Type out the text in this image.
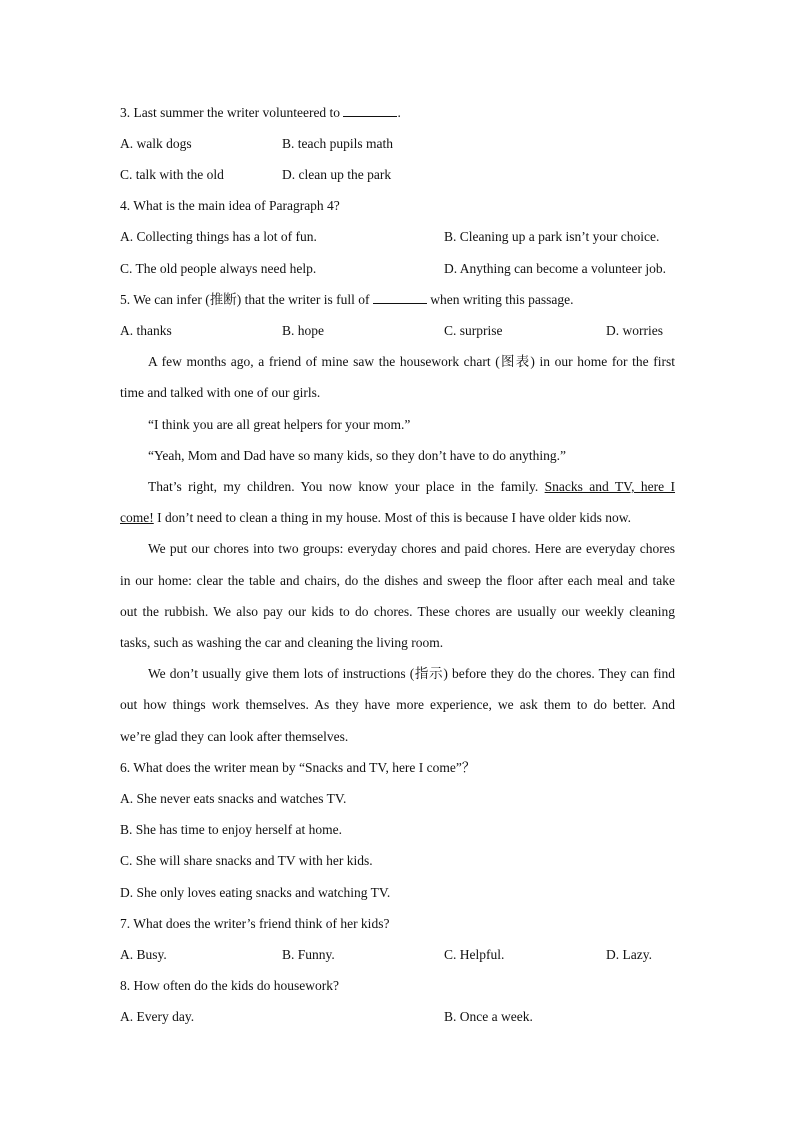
3. Last summer the writer volunteered to	.
A. walk dogs	B. teach pupils math
C. talk with the old	D. clean up the park
4. What is the main idea of Paragraph 4?
A. Collecting things has a lot of fun.	B. Cleaning up a park isn’t your choice.
C. The old people always need help.	D. Anything can become a volunteer job.
5. We can infer (推断) that the writer is full of	when writing this passage.
A. thanks	B. hope	C. surprise	D. worries
A few months ago, a friend of mine saw the housework chart (图表) in our home for the first
time and talked with one of our girls.
“I think you are all great helpers for your mom.”
“Yeah, Mom and Dad have so many kids, so they don’t have to do anything.”
That’s right, my children. You now know your place in the family. Snacks and TV, here I
come! I don’t need to clean a thing in my house. Most of this is because I have older kids now.
We put our chores into two groups: everyday chores and paid chores. Here are everyday chores
in our home: clear the table and chairs, do the dishes and sweep the floor after each meal and take
out the rubbish. We also pay our kids to do chores. These chores are usually our weekly cleaning
tasks, such as washing the car and cleaning the living room.
We don’t usually give them lots of instructions (指示) before they do the chores. They can find
out how things work themselves. As they have more experience, we ask them to do better. And
we’re glad they can look after themselves.
6. What does the writer mean by “Snacks and TV, here I come”？
A. She never eats snacks and watches TV.
B. She has time to enjoy herself at home.
C. She will share snacks and TV with her kids.
D. She only loves eating snacks and watching TV.
7. What does the writer’s friend think of her kids?
A. Busy.	B. Funny.	C. Helpful.	D. Lazy.
8. How often do the kids do housework?
A. Every day.	B. Once a week.
